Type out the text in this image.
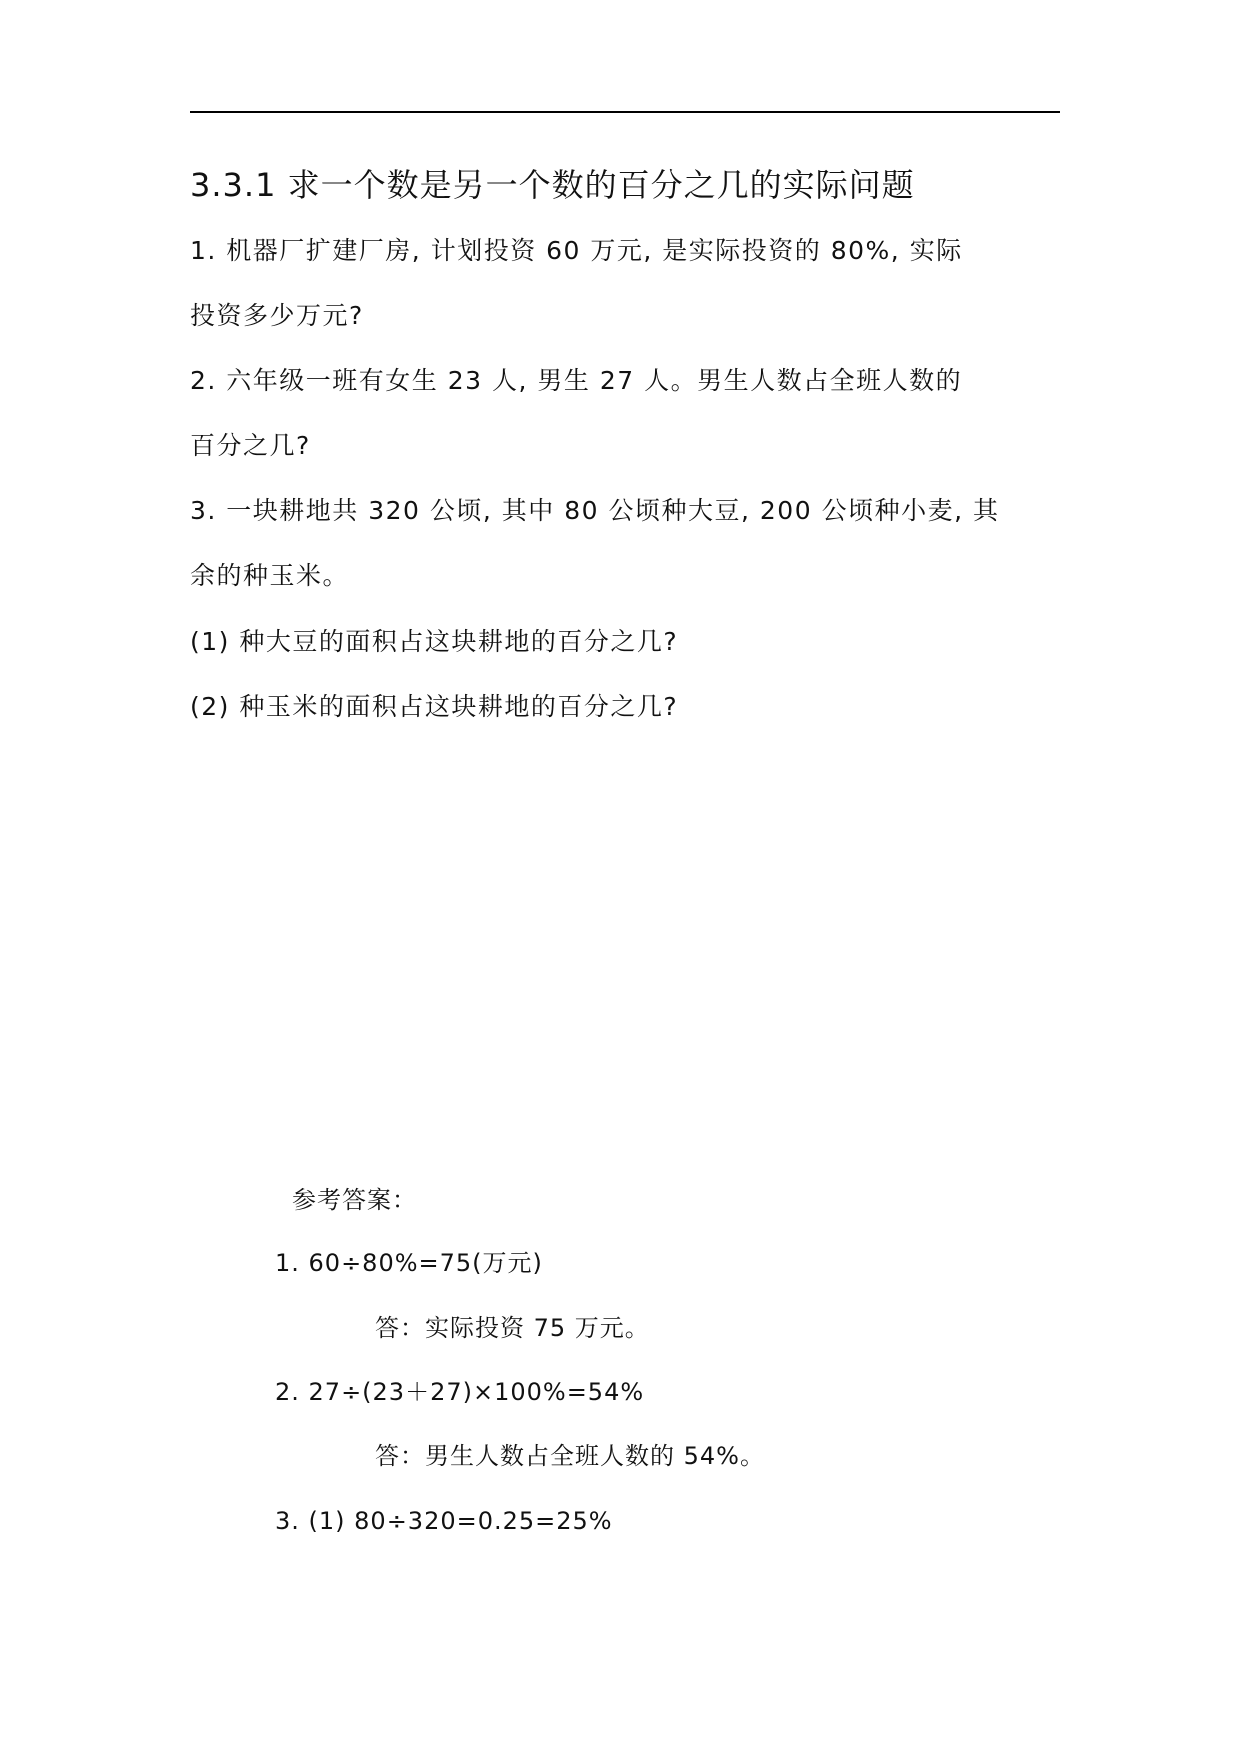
3.3.1 求一个数是另一个数的百分之几的实际问题
1. 机器厂扩建厂房, 计划投资 60 万元, 是实际投资的 80%, 实际
投资多少万元?
2. 六年级一班有女生 23 人, 男生 27 人。男生人数占全班人数的
百分之几?
3. 一块耕地共 320 公顷, 其中 80 公顷种大豆, 200 公顷种小麦, 其
余的种玉米。
(1) 种大豆的面积占这块耕地的百分之几?
(2) 种玉米的面积占这块耕地的百分之几?
参考答案：
1. 60÷80%=75(万元)
答：实际投资 75 万元。
2. 27÷(23＋27)×100%=54%
答：男生人数占全班人数的 54%。
3. (1) 80÷320=0.25=25%
